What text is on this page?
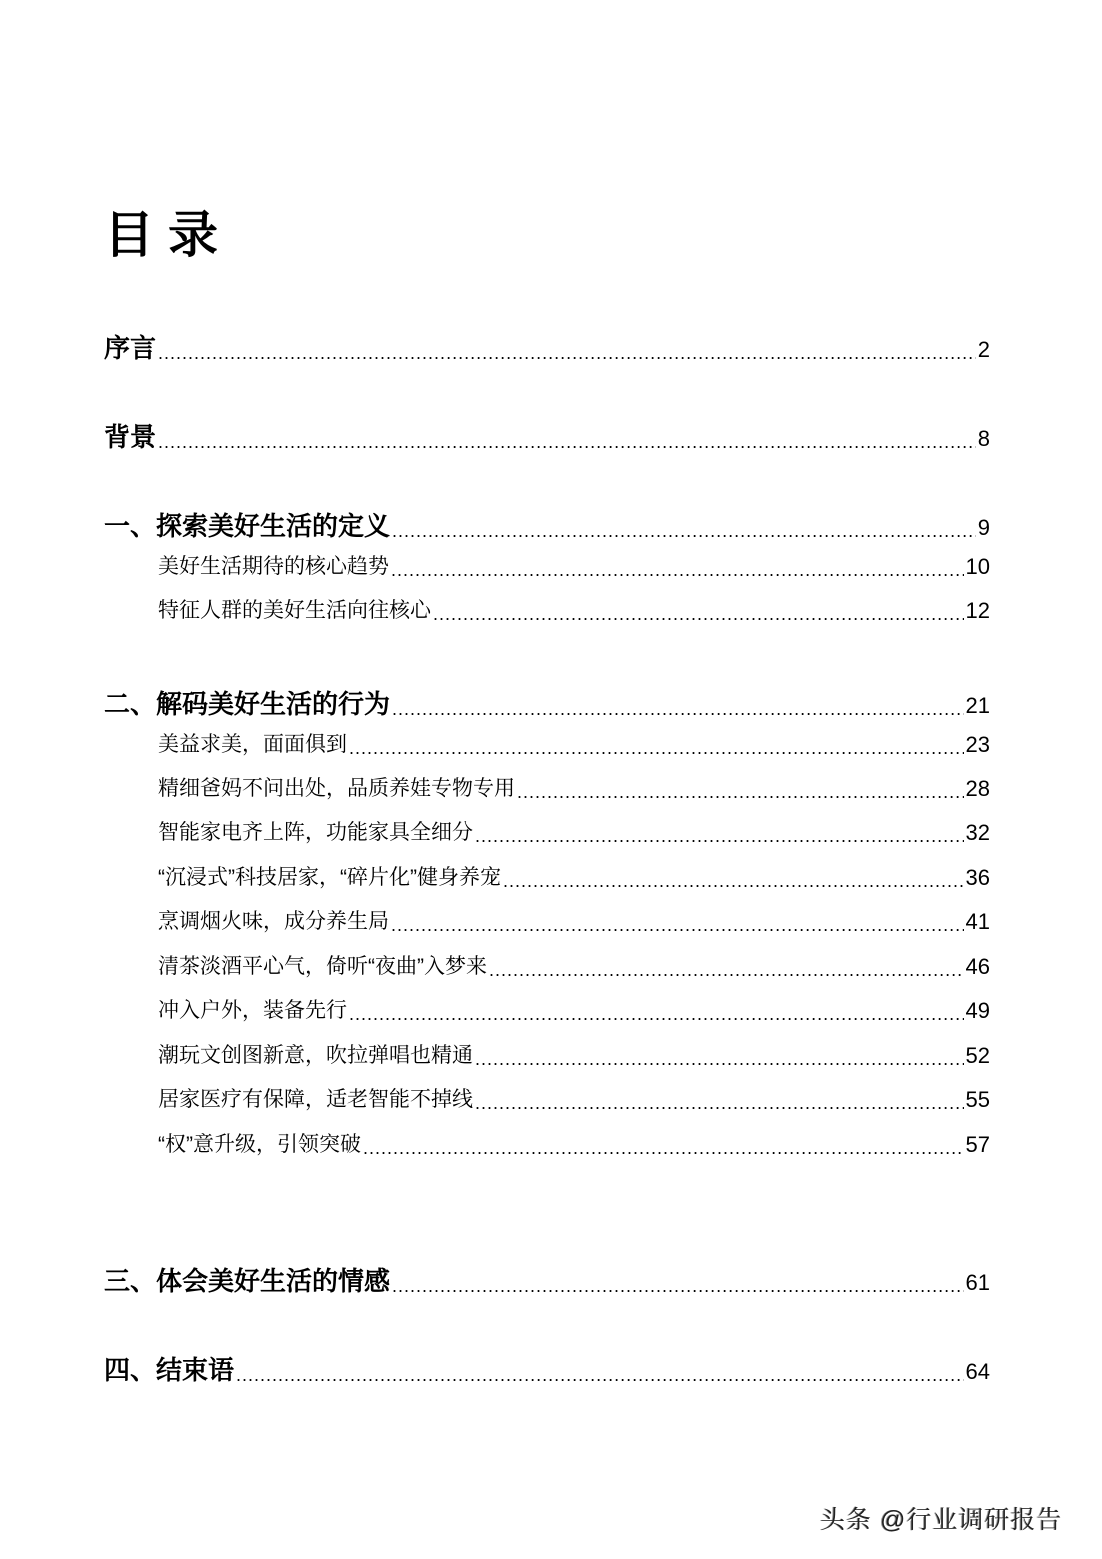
目录
序言 .....	2
背景 .....	8
一、探索美好生活的定义 .....	9
美好生活期待的核心趋势 .....	10
特征人群的美好生活向往核心 .....	12
二、解码美好生活的行为 .....	21
美益求美，面面俱到 .....	23
精细爸妈不问出处，品质养娃专物专用 .....	28
智能家电齐上阵，功能家具全细分 .....	32
“沉浸式”科技居家，“碎片化”健身养宠 .....	36
烹调烟火味，成分养生局 .....	41
清茶淡酒平心气，倚听“夜曲”入梦来 .....	46
冲入户外，装备先行 .....	49
潮玩文创图新意，吹拉弹唱也精通 .....	52
居家医疗有保障，适老智能不掉线 .....	55
“权”意升级，引领突破 .....	57
三、体会美好生活的情感 .....	61
四、结束语 .....	64
头条 @行业调研报告
